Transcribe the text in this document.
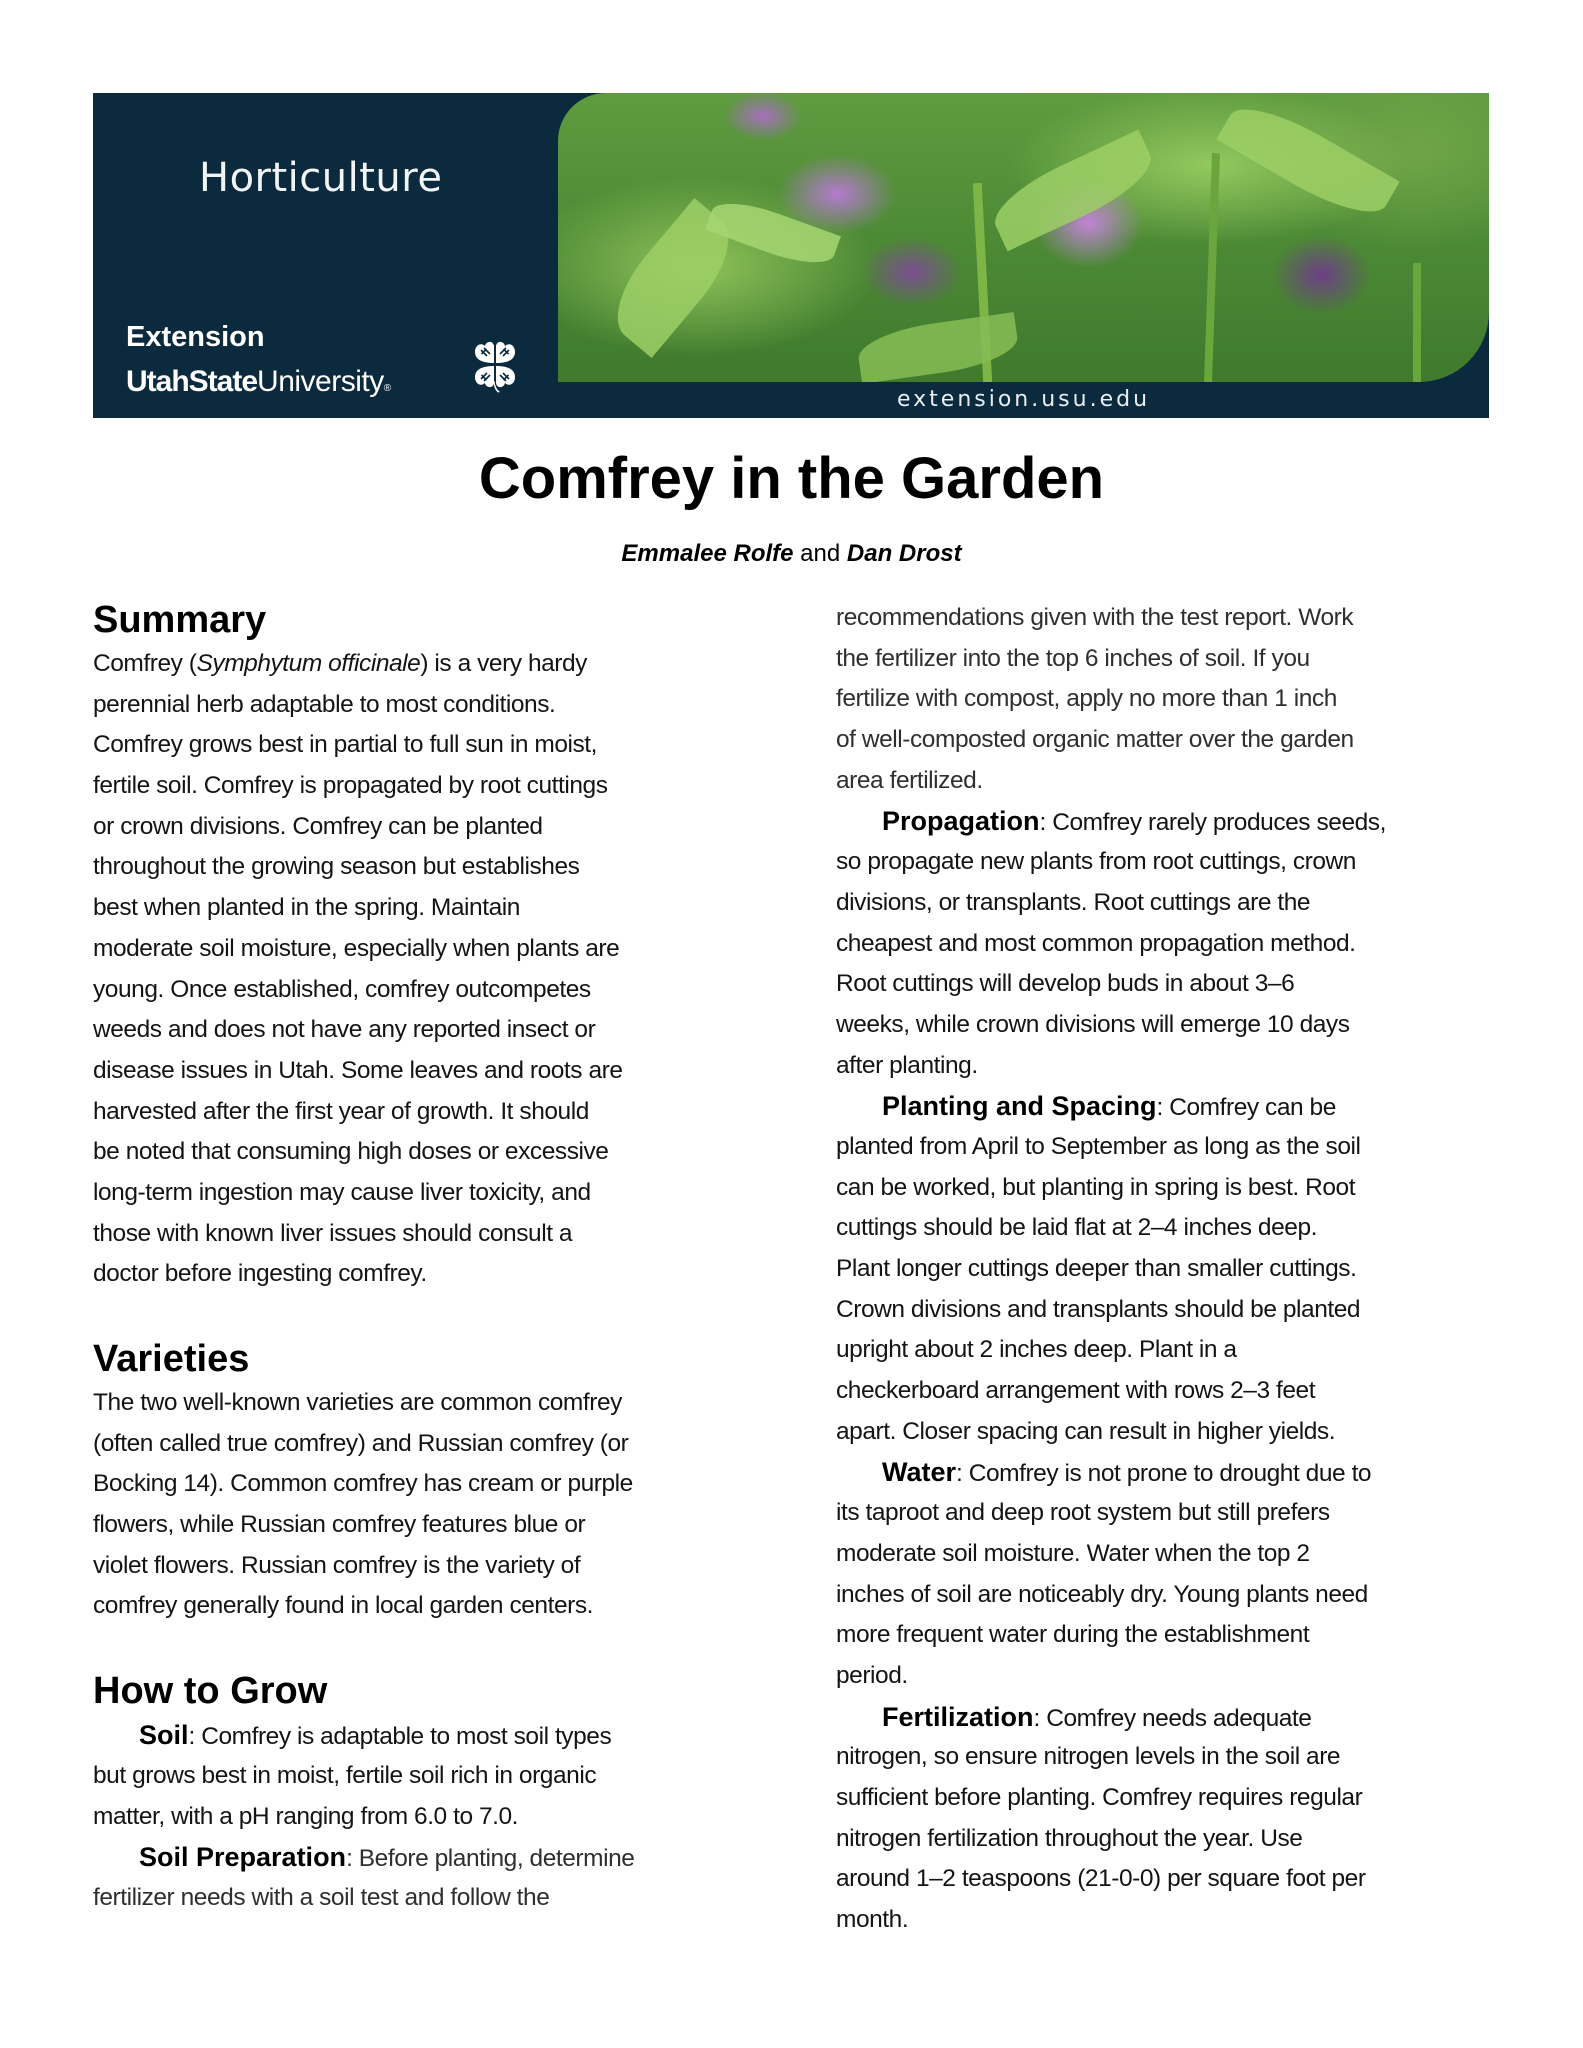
Horticulture
Extension
UtahStateUniversity®	extension.usu.edu
Comfrey in the Garden
Emmalee Rolfe and Dan Drost
Summary
Comfrey (Symphytum officinale) is a very hardy
perennial herb adaptable to most conditions.
Comfrey grows best in partial to full sun in moist,
fertile soil. Comfrey is propagated by root cuttings
or crown divisions. Comfrey can be planted
throughout the growing season but establishes
best when planted in the spring. Maintain
moderate soil moisture, especially when plants are
young. Once established, comfrey outcompetes
weeds and does not have any reported insect or
disease issues in Utah. Some leaves and roots are
harvested after the first year of growth. It should
be noted that consuming high doses or excessive
long-term ingestion may cause liver toxicity, and
those with known liver issues should consult a
doctor before ingesting comfrey.
Varieties
The two well-known varieties are common comfrey
(often called true comfrey) and Russian comfrey (or
Bocking 14). Common comfrey has cream or purple
flowers, while Russian comfrey features blue or
violet flowers. Russian comfrey is the variety of
comfrey generally found in local garden centers.
How to Grow
Soil: Comfrey is adaptable to most soil types
but grows best in moist, fertile soil rich in organic
matter, with a pH ranging from 6.0 to 7.0.
Soil Preparation: Before planting, determine
fertilizer needs with a soil test and follow the
recommendations given with the test report. Work
the fertilizer into the top 6 inches of soil. If you
fertilize with compost, apply no more than 1 inch
of well-composted organic matter over the garden
area fertilized.
Propagation: Comfrey rarely produces seeds,
so propagate new plants from root cuttings, crown
divisions, or transplants. Root cuttings are the
cheapest and most common propagation method.
Root cuttings will develop buds in about 3–6
weeks, while crown divisions will emerge 10 days
after planting.
Planting and Spacing: Comfrey can be
planted from April to September as long as the soil
can be worked, but planting in spring is best. Root
cuttings should be laid flat at 2–4 inches deep.
Plant longer cuttings deeper than smaller cuttings.
Crown divisions and transplants should be planted
upright about 2 inches deep. Plant in a
checkerboard arrangement with rows 2–3 feet
apart. Closer spacing can result in higher yields.
Water: Comfrey is not prone to drought due to
its taproot and deep root system but still prefers
moderate soil moisture. Water when the top 2
inches of soil are noticeably dry. Young plants need
more frequent water during the establishment
period.
Fertilization: Comfrey needs adequate
nitrogen, so ensure nitrogen levels in the soil are
sufficient before planting. Comfrey requires regular
nitrogen fertilization throughout the year. Use
around 1–2 teaspoons (21-0-0) per square foot per
month.
